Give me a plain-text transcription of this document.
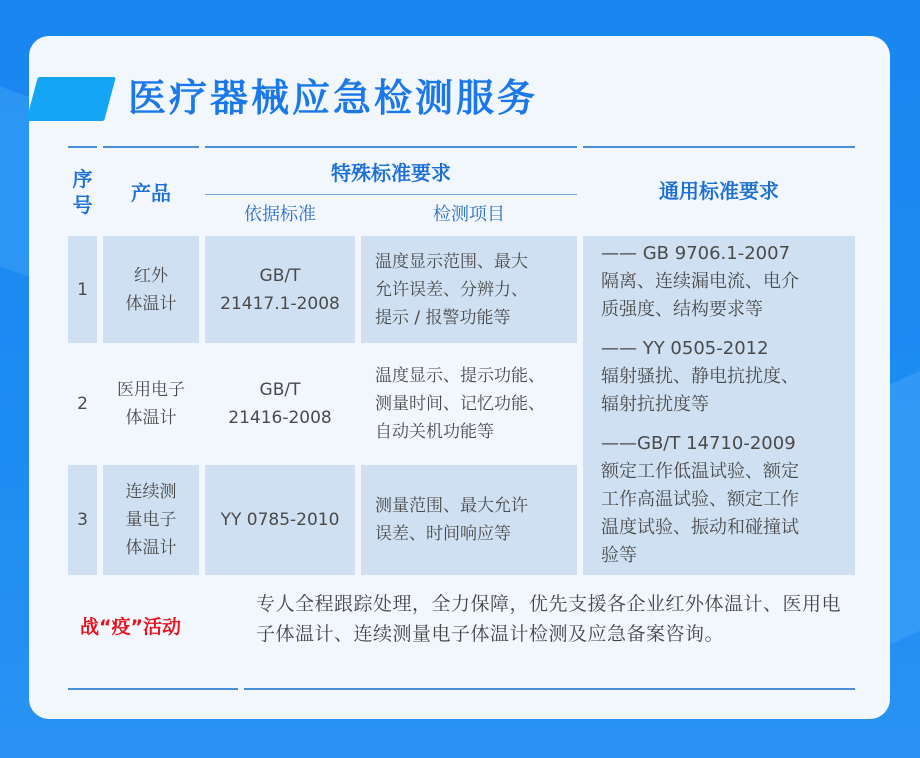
医疗器械应急检测服务
序
号	产品
特殊标准要求
依据标准	检测项目
通用标准要求
1
红外
体温计
GB/T
21417.1-2008
温度显示范围、最大
允许误差、分辨力、
提示 / 报警功能等
2
医用电子
体温计
GB/T
21416-2008
温度显示、提示功能、
测量时间、记忆功能、
自动关机功能等
3
连续测
量电子
体温计
YY 0785-2010
测量范围、最大允许
误差、时间响应等
—— GB 9706.1-2007
隔离、连续漏电流、电介
质强度、结构要求等
—— YY 0505-2012
辐射骚扰、静电抗扰度、
辐射抗扰度等
——GB/T 14710-2009
额定工作低温试验、额定
工作高温试验、额定工作
温度试验、振动和碰撞试
验等
战“疫”活动
专人全程跟踪处理，全力保障，优先支援各企业红外体温计、医用电子体温计、连续测量电子体温计检测及应急备案咨询。
